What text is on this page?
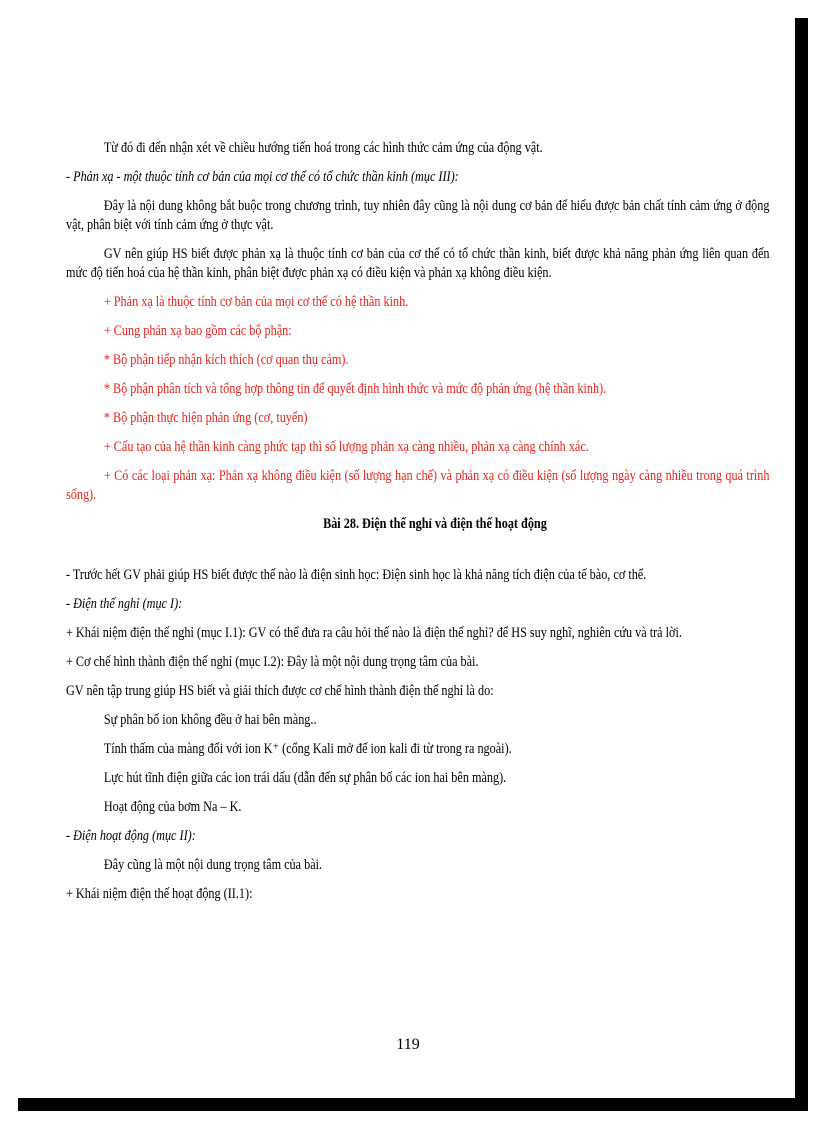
Từ đó đi đến nhận xét về chiều hướng tiến hoá trong các hình thức cảm ứng của động vật.

- Phản xạ - một thuộc tính cơ bản của mọi cơ thể có tổ chức thần kinh (mục III):

Đây là nội dung không bắt buộc trong chương trình, tuy nhiên đây cũng là nội dung cơ bản để hiểu được bản chất tính cảm ứng ở động vật, phân biệt với tính cảm ứng ở thực vật.

GV nên giúp HS biết được phản xạ là thuộc tính cơ bản của cơ thể có tổ chức thần kinh, biết được khả năng phản ứng liên quan đến mức độ tiến hoá của hệ thần kinh, phân biệt được phản xạ có điều kiện và phản xạ không điều kiện.

+ Phản xạ là thuộc tính cơ bản của mọi cơ thể có hệ thần kinh.

+ Cung phản xạ bao gồm các bộ phận:

* Bộ phận tiếp nhận kích thích (cơ quan thụ cảm).

* Bộ phận phân tích và tổng hợp thông tin để quyết định hình thức và mức độ phản ứng (hệ thần kinh).

* Bộ phận thực hiện phản ứng (cơ, tuyến)

+ Cấu tạo của hệ thần kinh càng phức tạp thì số lượng phản xạ càng nhiều, phản xạ càng chính xác.

+ Có các loại phản xạ: Phản xạ không điều kiện (số lượng hạn chế) và phản xạ có điều kiện (số lượng ngày càng nhiều trong quá trình sống).

Bài 28. Điện thế nghỉ và điện thế hoạt động

- Trước hết GV phải giúp HS biết được thế nào là điện sinh học: Điện sinh học là khả năng tích điện của tế bào, cơ thể.

- Điện thế nghỉ (mục I):

+ Khái niệm điện thế nghỉ (mục I.1): GV có thể đưa ra câu hỏi thế nào là điện thế nghỉ? để HS suy nghĩ, nghiên cứu và trả lời.

+ Cơ chế hình thành điện thế nghỉ (mục I.2): Đây là một nội dung trọng tâm của bài.

GV nên tập trung giúp HS biết và giải thích được cơ chế hình thành điện thế nghỉ là do:

Sự phân bố ion không đều ở hai bên màng..

Tính thấm của màng đối với ion K⁺ (cổng Kali mở để ion kali đi từ trong ra ngoài).

Lực hút tĩnh điện giữa các ion trái dấu (dẫn đến sự phân bố các ion hai bên màng).

Hoạt động của bơm Na – K.

- Điện hoạt động (mục II):

Đây cũng là một nội dung trọng tâm của bài.

+ Khái niệm điện thế hoạt động (II.1):

119
